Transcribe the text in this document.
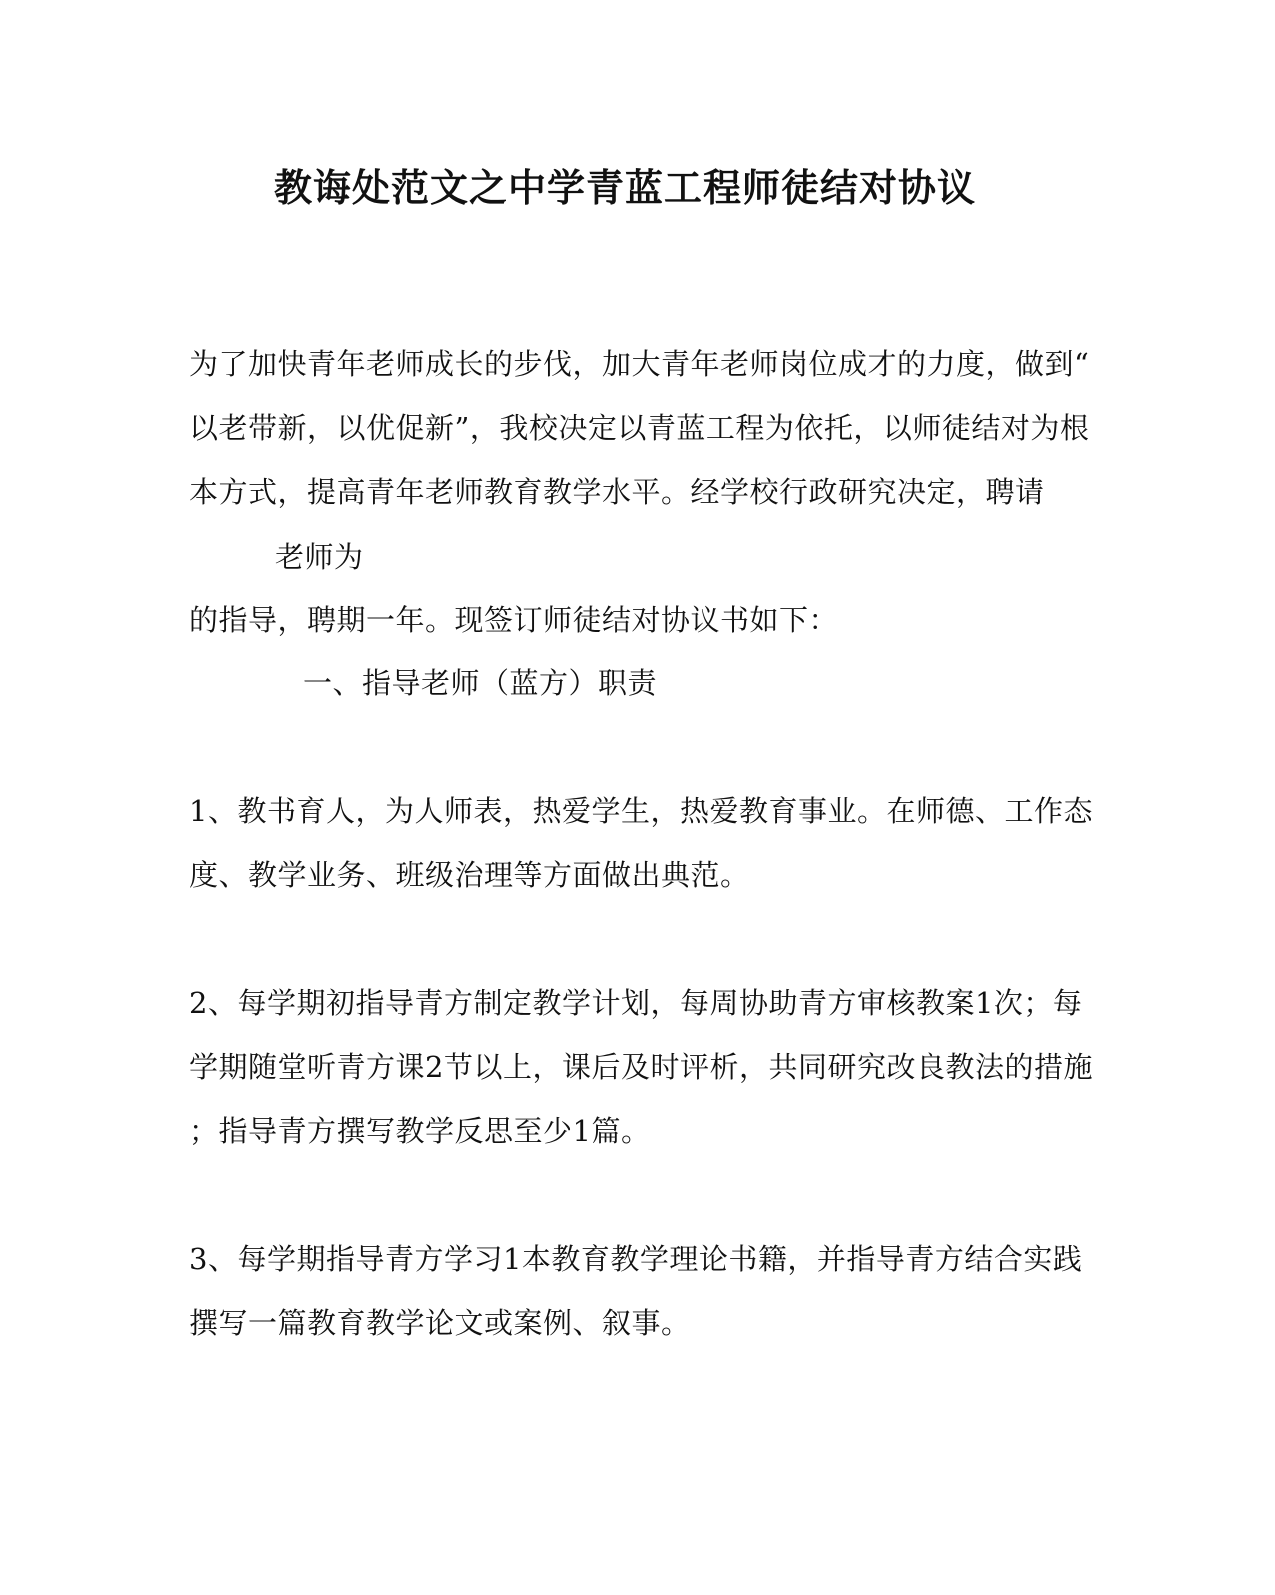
教诲处范文之中学青蓝工程师徒结对协议
为了加快青年老师成长的步伐，加大青年老师岗位成才的力度，做到“
以老带新，以优促新”，我校决定以青蓝工程为依托，以师徒结对为根
本方式，提高青年老师教育教学水平。经学校行政研究决定，聘请
老师为
的指导，聘期一年。现签订师徒结对协议书如下：
一、指导老师（蓝方）职责
1、教书育人，为人师表，热爱学生，热爱教育事业。在师德、工作态
度、教学业务、班级治理等方面做出典范。
2、每学期初指导青方制定教学计划，每周协助青方审核教案1次；每
学期随堂听青方课2节以上，课后及时评析，共同研究改良教法的措施
；指导青方撰写教学反思至少1篇。
3、每学期指导青方学习1本教育教学理论书籍，并指导青方结合实践
撰写一篇教育教学论文或案例、叙事。
